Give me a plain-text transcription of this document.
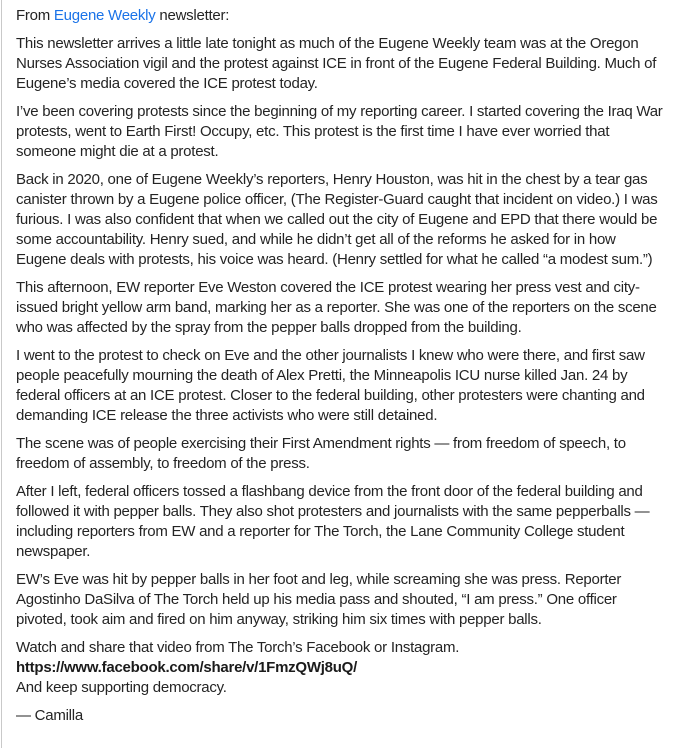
From Eugene Weekly newsletter:

This newsletter arrives a little late tonight as much of the Eugene Weekly team was at the Oregon Nurses Association vigil and the protest against ICE in front of the Eugene Federal Building. Much of Eugene’s media covered the ICE protest today.

I’ve been covering protests since the beginning of my reporting career. I started covering the Iraq War protests, went to Earth First! Occupy, etc. This protest is the first time I have ever worried that someone might die at a protest.

Back in 2020, one of Eugene Weekly’s reporters, Henry Houston, was hit in the chest by a tear gas canister thrown by a Eugene police officer, (The Register-Guard caught that incident on video.) I was furious. I was also confident that when we called out the city of Eugene and EPD that there would be some accountability. Henry sued, and while he didn’t get all of the reforms he asked for in how Eugene deals with protests, his voice was heard. (Henry settled for what he called “a modest sum.”)

This afternoon, EW reporter Eve Weston covered the ICE protest wearing her press vest and city-issued bright yellow arm band, marking her as a reporter. She was one of the reporters on the scene who was affected by the spray from the pepper balls dropped from the building.

I went to the protest to check on Eve and the other journalists I knew who were there, and first saw people peacefully mourning the death of Alex Pretti, the Minneapolis ICU nurse killed Jan. 24 by federal officers at an ICE protest. Closer to the federal building, other protesters were chanting and demanding ICE release the three activists who were still detained.

The scene was of people exercising their First Amendment rights — from freedom of speech, to freedom of assembly, to freedom of the press.

After I left, federal officers tossed a flashbang device from the front door of the federal building and followed it with pepper balls. They also shot protesters and journalists with the same pepperballs — including reporters from EW and a reporter for The Torch, the Lane Community College student newspaper.

EW’s Eve was hit by pepper balls in her foot and leg, while screaming she was press. Reporter Agostinho DaSilva of The Torch held up his media pass and shouted, “I am press.” One officer pivoted, took aim and fired on him anyway, striking him six times with pepper balls.

Watch and share that video from The Torch’s Facebook or Instagram.
https://www.facebook.com/share/v/1FmzQWj8uQ/
And keep supporting democracy.

— Camilla
